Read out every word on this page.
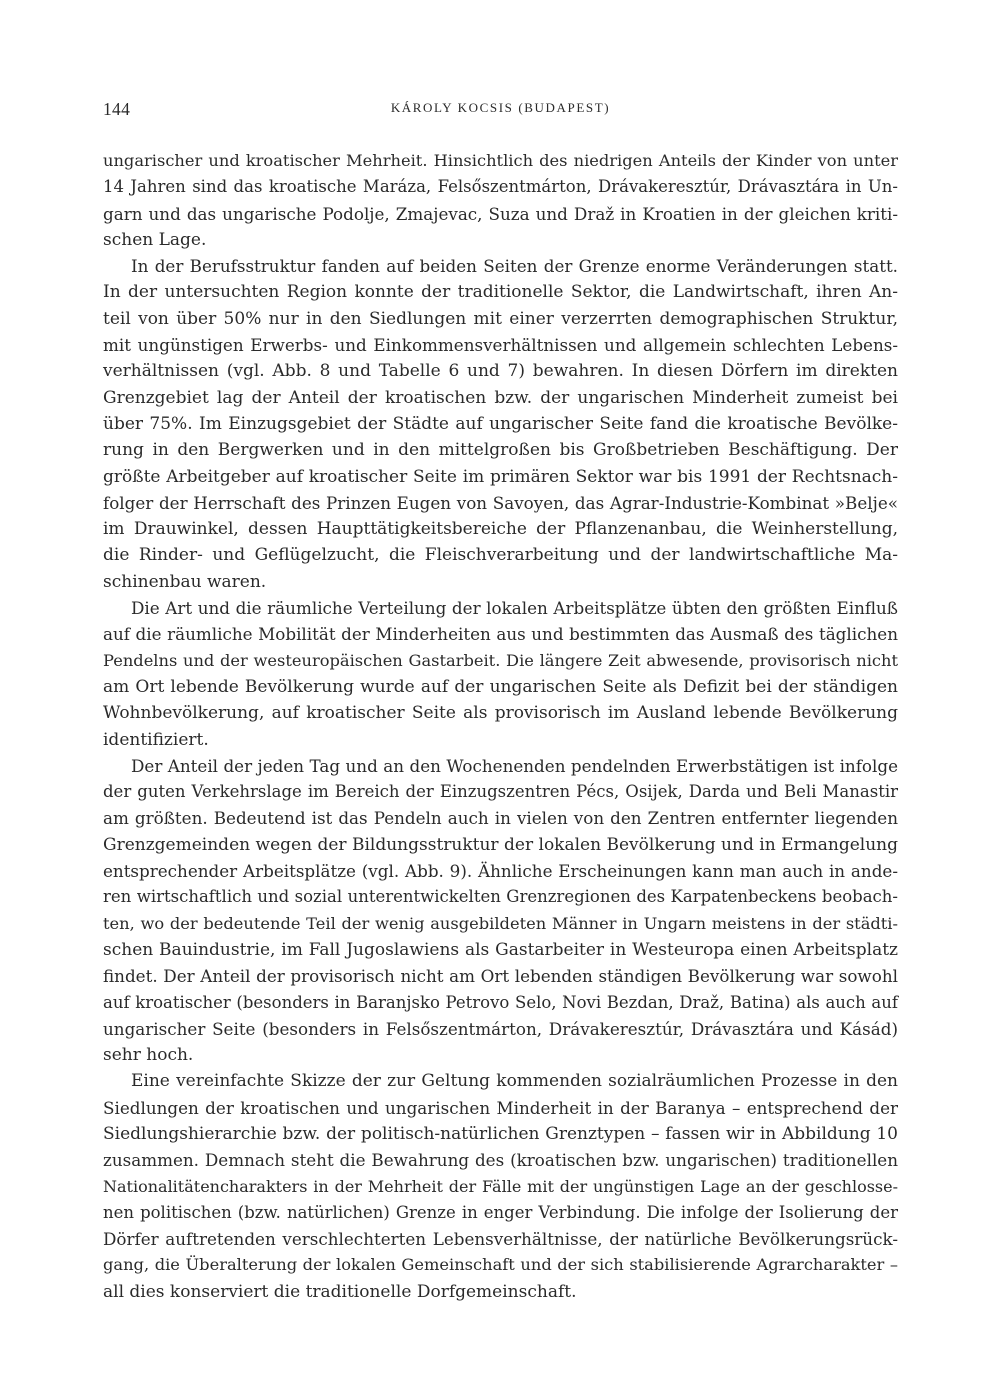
144	KÁROLY KOCSIS (BUDAPEST)
ungarischer und kroatischer Mehrheit. Hinsichtlich des niedrigen Anteils der Kinder von unter
14 Jahren sind das kroatische Maráza, Felsőszentmárton, Drávakeresztúr, Drávasztára in Un-
garn und das ungarische Podolje, Zmajevac, Suza und Draž in Kroatien in der gleichen kriti-
schen Lage.
In der Berufsstruktur fanden auf beiden Seiten der Grenze enorme Veränderungen statt.
In der untersuchten Region konnte der traditionelle Sektor, die Landwirtschaft, ihren An-
teil von über 50% nur in den Siedlungen mit einer verzerrten demographischen Struktur,
mit ungünstigen Erwerbs- und Einkommensverhältnissen und allgemein schlechten Lebens-
verhältnissen (vgl. Abb. 8 und Tabelle 6 und 7) bewahren. In diesen Dörfern im direkten
Grenzgebiet lag der Anteil der kroatischen bzw. der ungarischen Minderheit zumeist bei
über 75%. Im Einzugsgebiet der Städte auf ungarischer Seite fand die kroatische Bevölke-
rung in den Bergwerken und in den mittelgroßen bis Großbetrieben Beschäftigung. Der
größte Arbeitgeber auf kroatischer Seite im primären Sektor war bis 1991 der Rechtsnach-
folger der Herrschaft des Prinzen Eugen von Savoyen, das Agrar-Industrie-Kombinat »Belje«
im Drauwinkel, dessen Haupttätigkeitsbereiche der Pflanzenanbau, die Weinherstellung,
die Rinder- und Geflügelzucht, die Fleischverarbeitung und der landwirtschaftliche Ma-
schinenbau waren.
Die Art und die räumliche Verteilung der lokalen Arbeitsplätze übten den größten Einfluß
auf die räumliche Mobilität der Minderheiten aus und bestimmten das Ausmaß des täglichen
Pendelns und der westeuropäischen Gastarbeit. Die längere Zeit abwesende, provisorisch nicht
am Ort lebende Bevölkerung wurde auf der ungarischen Seite als Defizit bei der ständigen
Wohnbevölkerung, auf kroatischer Seite als provisorisch im Ausland lebende Bevölkerung
identifiziert.
Der Anteil der jeden Tag und an den Wochenenden pendelnden Erwerbstätigen ist infolge
der guten Verkehrslage im Bereich der Einzugszentren Pécs, Osijek, Darda und Beli Manastir
am größten. Bedeutend ist das Pendeln auch in vielen von den Zentren entfernter liegenden
Grenzgemeinden wegen der Bildungsstruktur der lokalen Bevölkerung und in Ermangelung
entsprechender Arbeitsplätze (vgl. Abb. 9). Ähnliche Erscheinungen kann man auch in ande-
ren wirtschaftlich und sozial unterentwickelten Grenzregionen des Karpatenbeckens beobach-
ten, wo der bedeutende Teil der wenig ausgebildeten Männer in Ungarn meistens in der städti-
schen Bauindustrie, im Fall Jugoslawiens als Gastarbeiter in Westeuropa einen Arbeitsplatz
findet. Der Anteil der provisorisch nicht am Ort lebenden ständigen Bevölkerung war sowohl
auf kroatischer (besonders in Baranjsko Petrovo Selo, Novi Bezdan, Draž, Batina) als auch auf
ungarischer Seite (besonders in Felsőszentmárton, Drávakeresztúr, Drávasztára und Kásád)
sehr hoch.
Eine vereinfachte Skizze der zur Geltung kommenden sozialräumlichen Prozesse in den
Siedlungen der kroatischen und ungarischen Minderheit in der Baranya – entsprechend der
Siedlungshierarchie bzw. der politisch-natürlichen Grenztypen – fassen wir in Abbildung 10
zusammen. Demnach steht die Bewahrung des (kroatischen bzw. ungarischen) traditionellen
Nationalitätencharakters in der Mehrheit der Fälle mit der ungünstigen Lage an der geschlosse-
nen politischen (bzw. natürlichen) Grenze in enger Verbindung. Die infolge der Isolierung der
Dörfer auftretenden verschlechterten Lebensverhältnisse, der natürliche Bevölkerungsrück-
gang, die Überalterung der lokalen Gemeinschaft und der sich stabilisierende Agrarcharakter –
all dies konserviert die traditionelle Dorfgemeinschaft.
